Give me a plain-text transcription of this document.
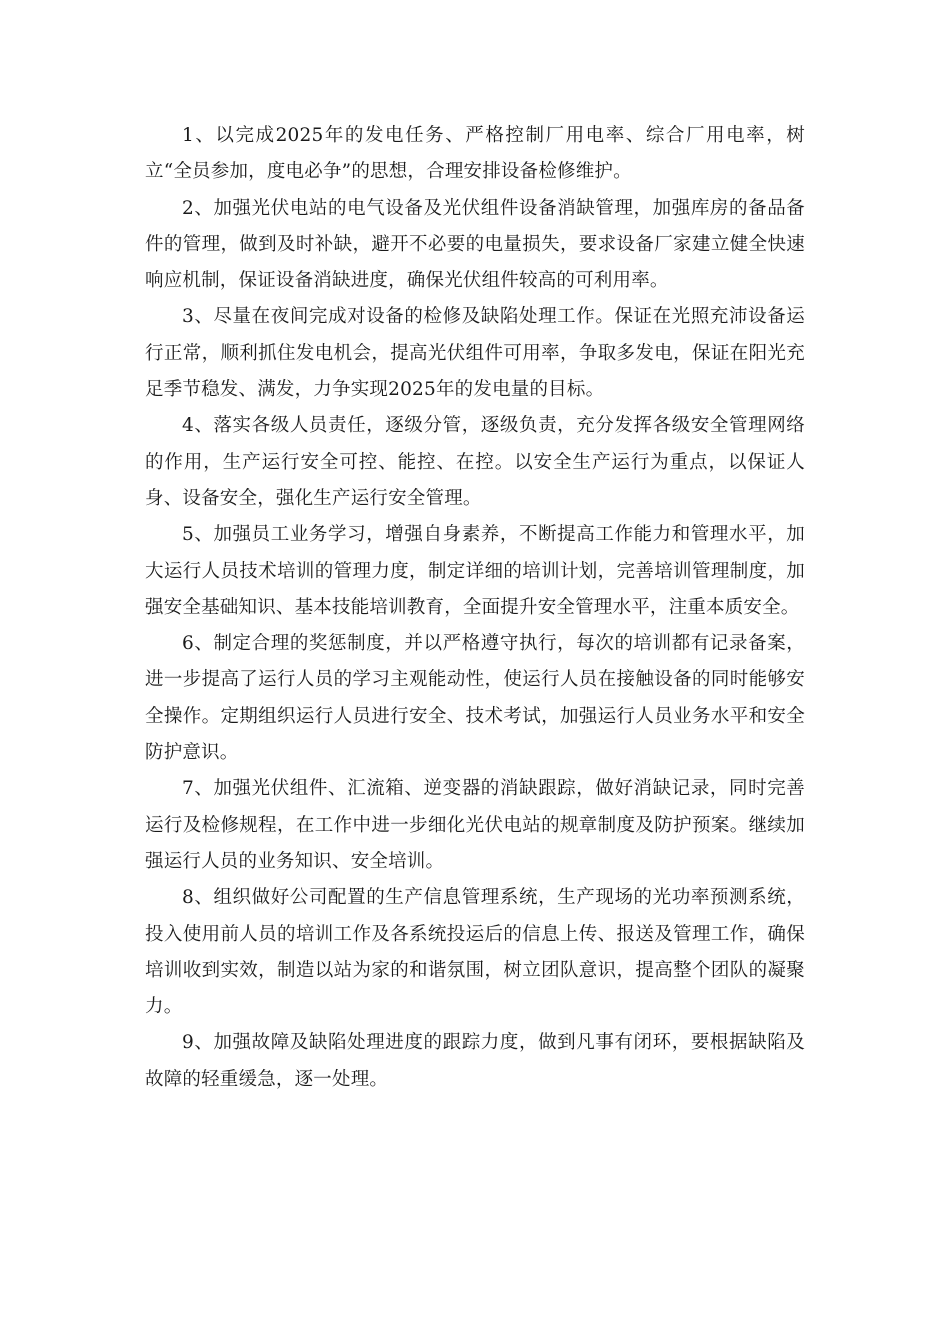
1、以完成2025年的发电任务、严格控制厂用电率、综合厂用电率，树立“全员参加，度电必争”的思想，合理安排设备检修维护。

2、加强光伏电站的电气设备及光伏组件设备消缺管理，加强库房的备品备件的管理，做到及时补缺，避开不必要的电量损失，要求设备厂家建立健全快速响应机制，保证设备消缺进度，确保光伏组件较高的可利用率。

3、尽量在夜间完成对设备的检修及缺陷处理工作。保证在光照充沛设备运行正常，顺利抓住发电机会，提高光伏组件可用率，争取多发电，保证在阳光充足季节稳发、满发，力争实现2025年的发电量的目标。

4、落实各级人员责任，逐级分管，逐级负责，充分发挥各级安全管理网络的作用，生产运行安全可控、能控、在控。以安全生产运行为重点，以保证人身、设备安全，强化生产运行安全管理。

5、加强员工业务学习，增强自身素养，不断提高工作能力和管理水平，加大运行人员技术培训的管理力度，制定详细的培训计划，完善培训管理制度，加强安全基础知识、基本技能培训教育，全面提升安全管理水平，注重本质安全。

6、制定合理的奖惩制度，并以严格遵守执行，每次的培训都有记录备案，进一步提高了运行人员的学习主观能动性，使运行人员在接触设备的同时能够安全操作。定期组织运行人员进行安全、技术考试，加强运行人员业务水平和安全防护意识。

7、加强光伏组件、汇流箱、逆变器的消缺跟踪，做好消缺记录，同时完善运行及检修规程，在工作中进一步细化光伏电站的规章制度及防护预案。继续加强运行人员的业务知识、安全培训。

8、组织做好公司配置的生产信息管理系统，生产现场的光功率预测系统，投入使用前人员的培训工作及各系统投运后的信息上传、报送及管理工作，确保培训收到实效，制造以站为家的和谐氛围，树立团队意识，提高整个团队的凝聚力。

9、加强故障及缺陷处理进度的跟踪力度，做到凡事有闭环，要根据缺陷及故障的轻重缓急，逐一处理。
